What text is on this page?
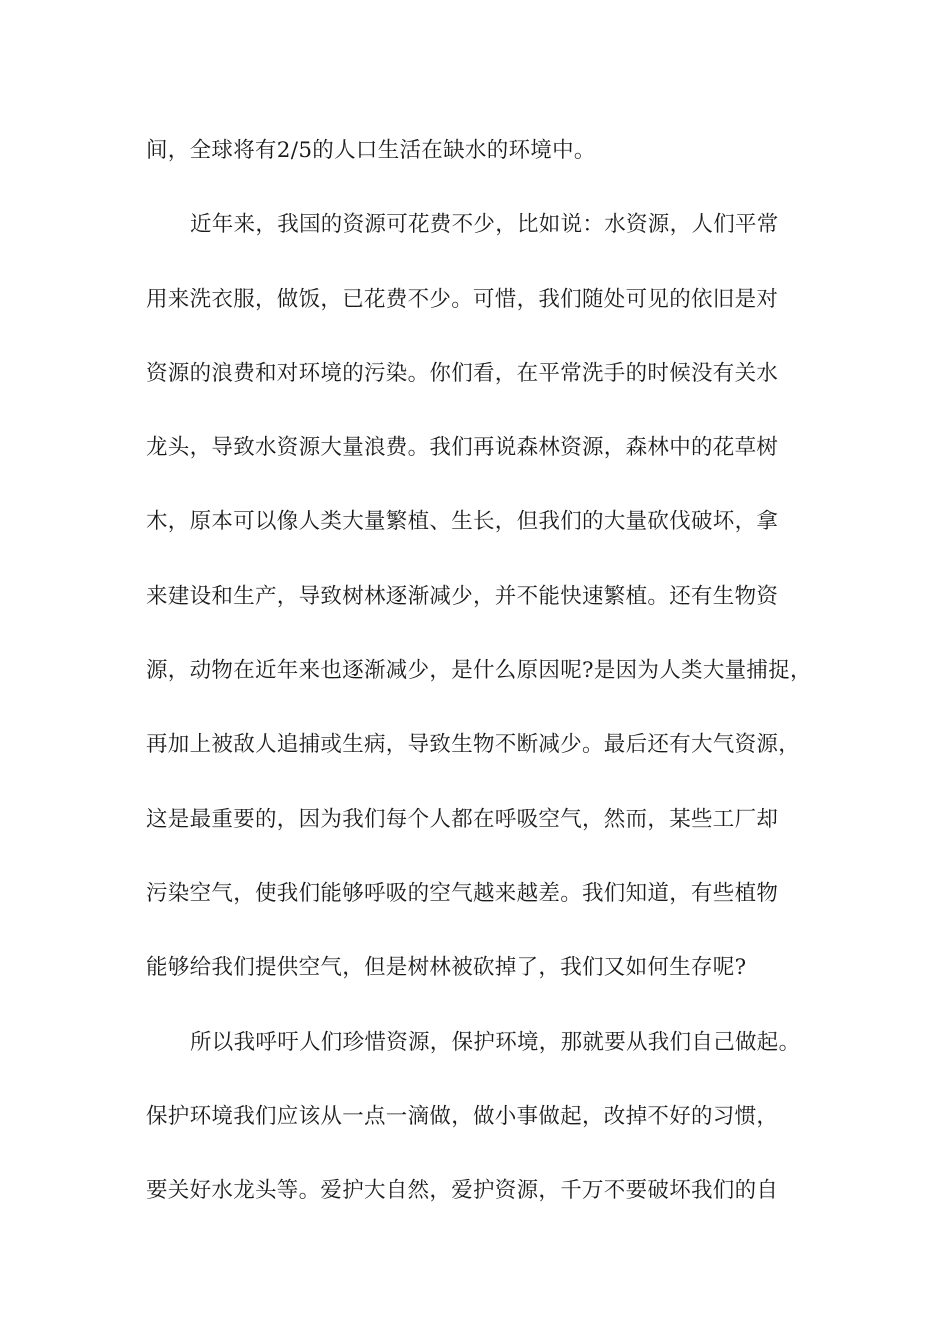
间，全球将有2/5的人口生活在缺水的环境中。
近年来，我国的资源可花费不少，比如说：水资源，人们平常
用来洗衣服，做饭，已花费不少。可惜，我们随处可见的依旧是对
资源的浪费和对环境的污染。你们看，在平常洗手的时候没有关水
龙头，导致水资源大量浪费。我们再说森林资源，森林中的花草树
木，原本可以像人类大量繁植、生长，但我们的大量砍伐破坏，拿
来建设和生产，导致树林逐渐减少，并不能快速繁植。还有生物资
源，动物在近年来也逐渐减少，是什么原因呢?是因为人类大量捕捉，
再加上被敌人追捕或生病，导致生物不断减少。最后还有大气资源，
这是最重要的，因为我们每个人都在呼吸空气，然而，某些工厂却
污染空气，使我们能够呼吸的空气越来越差。我们知道，有些植物
能够给我们提供空气，但是树林被砍掉了，我们又如何生存呢?
所以我呼吁人们珍惜资源，保护环境，那就要从我们自己做起。
保护环境我们应该从一点一滴做，做小事做起，改掉不好的习惯，
要关好水龙头等。爱护大自然，爱护资源，千万不要破坏我们的自
